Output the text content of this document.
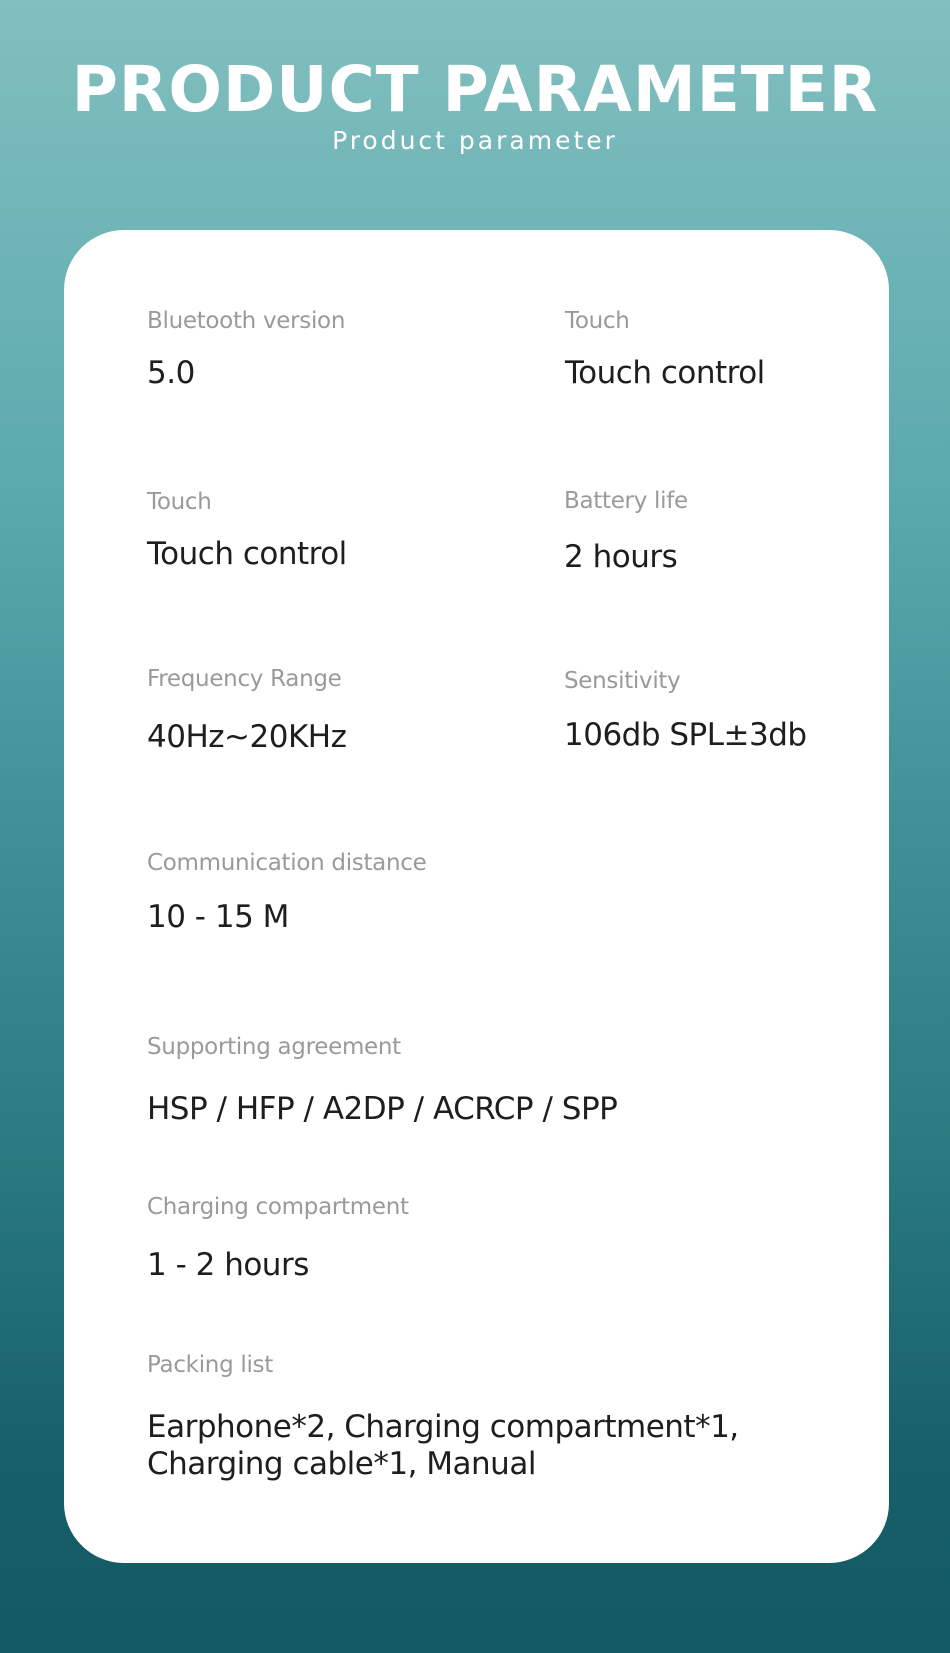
PRODUCT PARAMETER
Product parameter
Bluetooth version
5.0
Touch
Touch control
Touch
Touch control
Battery life
2 hours
Frequency Range
40Hz~20KHz
Sensitivity
106db SPL±3db
Communication distance
10 - 15 M
Supporting agreement
HSP / HFP / A2DP / ACRCP / SPP
Charging compartment
1 - 2 hours
Packing list
Earphone*2, Charging compartment*1, Charging cable*1, Manual
